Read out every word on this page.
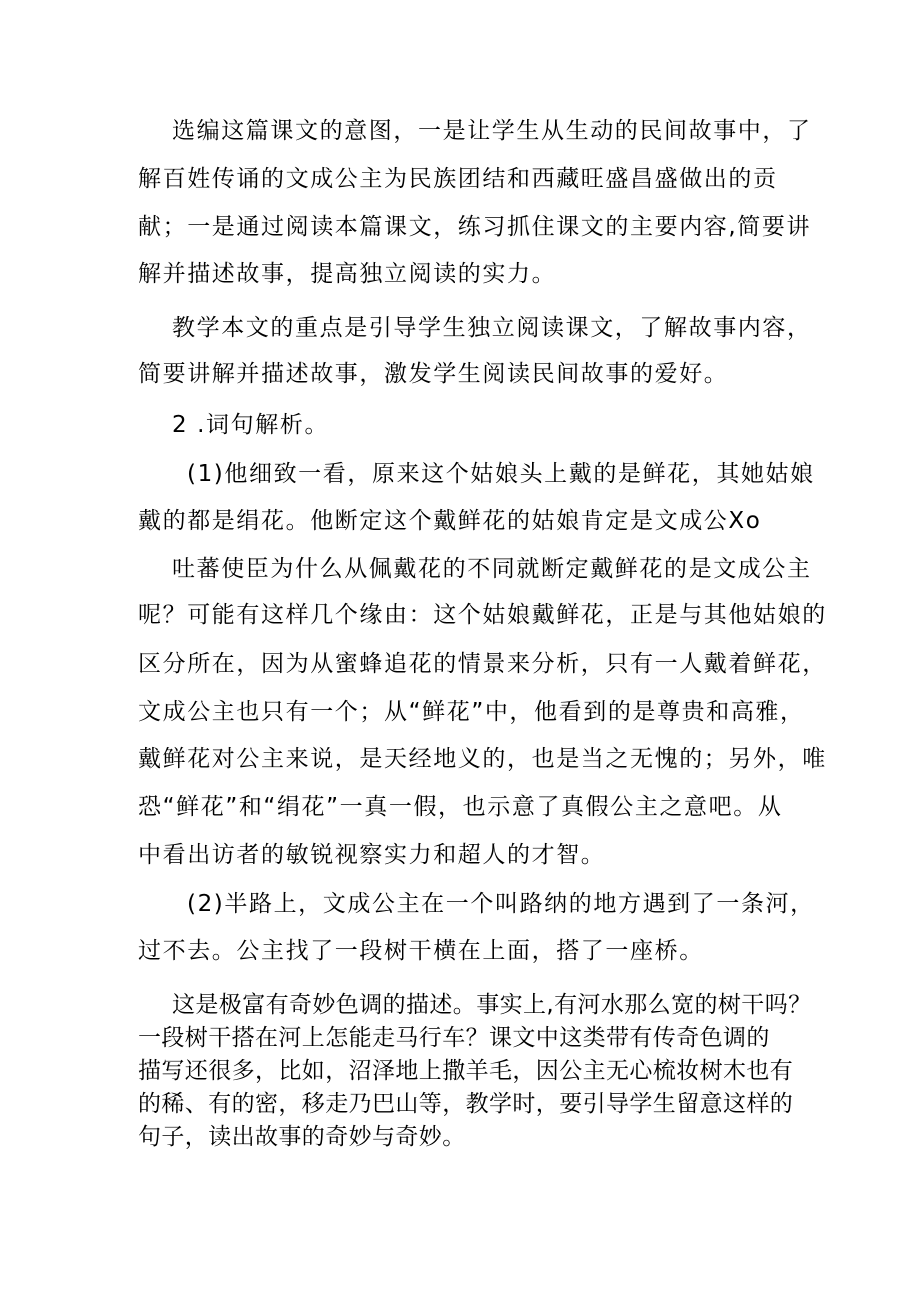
选编这篇课文的意图，一是让学生从生动的民间故事中，了
解百姓传诵的文成公主为民族团结和西藏旺盛昌盛做出的贡
献；一是通过阅读本篇课文，练习抓住课文的主要内容,简要讲
解并描述故事，提高独立阅读的实力。
教学本文的重点是引导学生独立阅读课文，了解故事内容，
简要讲解并描述故事，激发学生阅读民间故事的爱好。
2 .词句解析。
(1)他细致一看，原来这个姑娘头上戴的是鲜花，其她姑娘
戴的都是绢花。他断定这个戴鲜花的姑娘肯定是文成公Xo
吐蕃使臣为什么从佩戴花的不同就断定戴鲜花的是文成公主
呢？可能有这样几个缘由：这个姑娘戴鲜花，正是与其他姑娘的
区分所在，因为从蜜蜂追花的情景来分析，只有一人戴着鲜花，
文成公主也只有一个；从“鲜花”中，他看到的是尊贵和高雅，
戴鲜花对公主来说，是天经地义的，也是当之无愧的；另外，唯
恐“鲜花”和“绢花”一真一假，也示意了真假公主之意吧。从
中看出访者的敏锐视察实力和超人的才智。
(2)半路上，文成公主在一个叫路纳的地方遇到了一条河，
过不去。公主找了一段树干横在上面，搭了一座桥。
这是极富有奇妙色调的描述。事实上,有河水那么宽的树干吗？
一段树干搭在河上怎能走马行车？课文中这类带有传奇色调的
描写还很多，比如，沼泽地上撒羊毛，因公主无心梳妆树木也有
的稀、有的密，移走乃巴山等，教学时，要引导学生留意这样的
句子，读出故事的奇妙与奇妙。
